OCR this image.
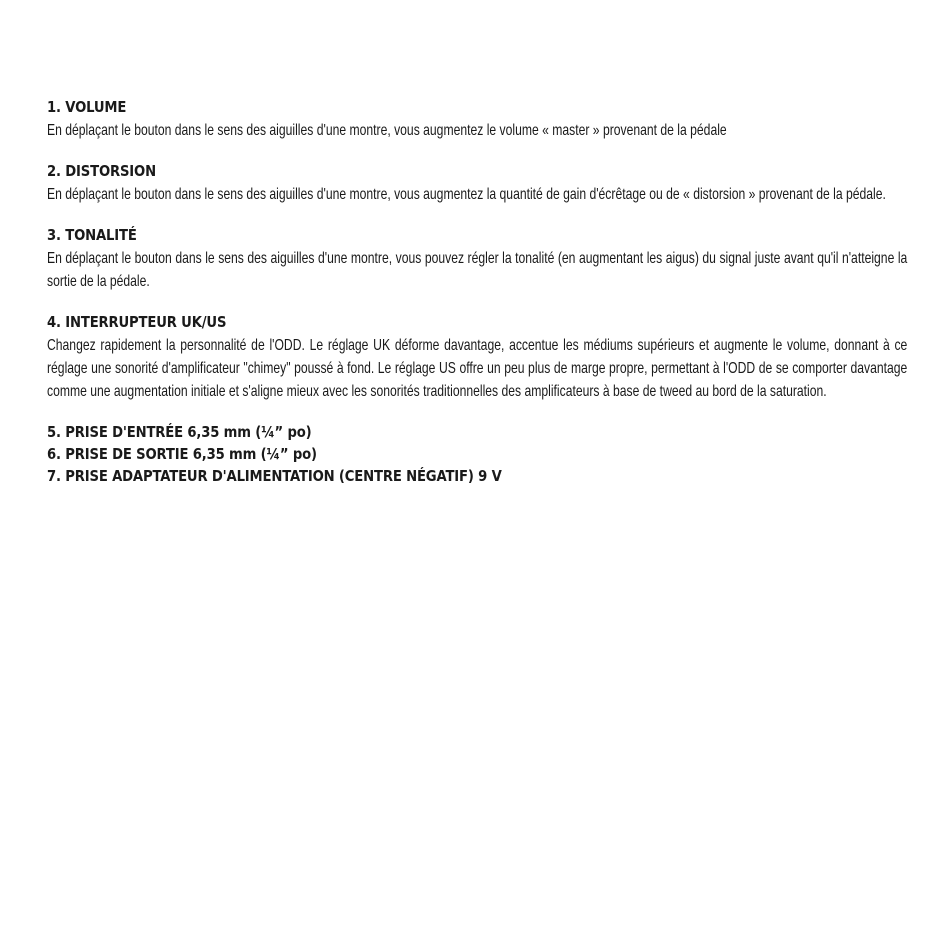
1. VOLUME
En déplaçant le bouton dans le sens des aiguilles d'une montre, vous augmentez le volume « master » provenant de la pédale
2. DISTORSION
En déplaçant le bouton dans le sens des aiguilles d'une montre, vous augmentez la quantité de gain d'écrêtage ou de « distorsion » provenant de la pédale.
3. TONALITÉ
En déplaçant le bouton dans le sens des aiguilles d'une montre, vous pouvez régler la tonalité (en augmentant les aigus) du signal juste avant qu'il n'atteigne la sortie de la pédale.
4. INTERRUPTEUR UK/US
Changez rapidement la personnalité de l'ODD. Le réglage UK déforme davantage, accentue les médiums supérieurs et augmente le volume, donnant à ce réglage une sonorité d'amplificateur "chimey" poussé à fond. Le réglage US offre un peu plus de marge propre, permettant à l'ODD de se comporter davantage comme une augmentation initiale et s'aligne mieux avec les sonorités traditionnelles des amplificateurs à base de tweed au bord de la saturation.
5. PRISE D'ENTRÉE 6,35 mm (¼” po)
6. PRISE DE SORTIE 6,35 mm (¼” po)
7. PRISE ADAPTATEUR D'ALIMENTATION (CENTRE NÉGATIF) 9 V
